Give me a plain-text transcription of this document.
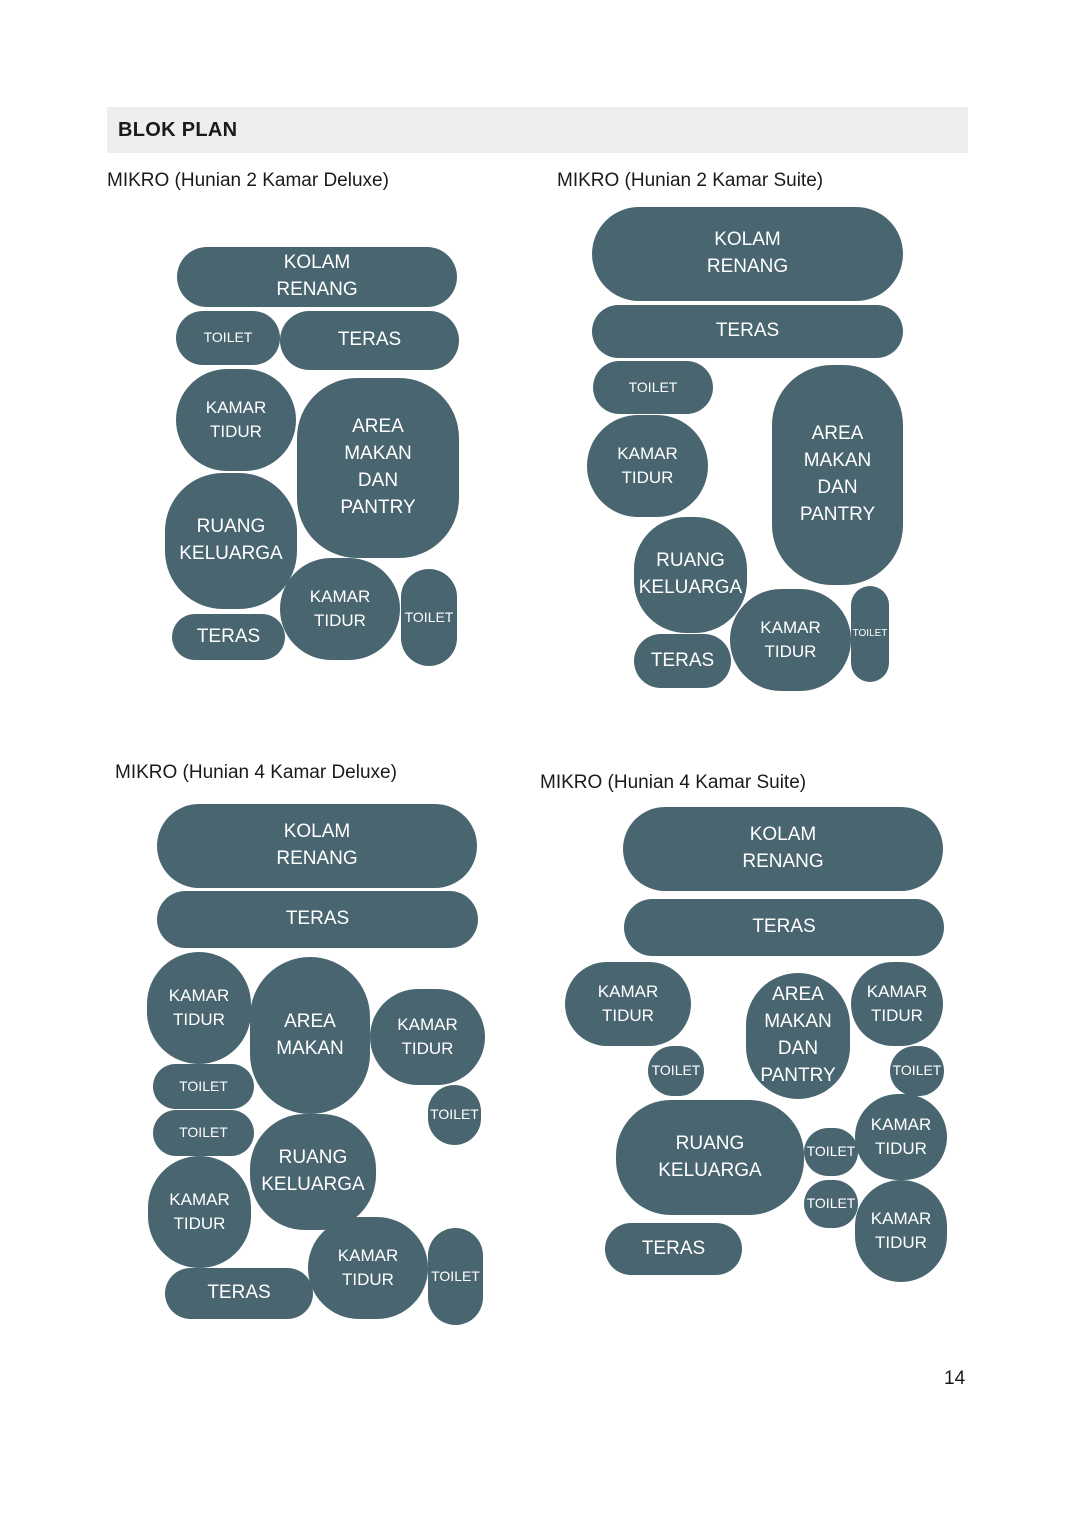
BLOK PLAN
MIKRO (Hunian 2 Kamar Deluxe)
KOLAM
RENANG
TOILET	TERAS
KAMAR
TIDUR	AREA
MAKAN
DAN
PANTRY
RUANG
KELUARGA
KAMAR
TIDUR	TOILET
TERAS
MIKRO (Hunian 2 Kamar Suite)
KOLAM
RENANG
TERAS
TOILET
KAMAR
TIDUR
AREA
MAKAN
DAN
PANTRY
RUANG
KELUARGA
KAMAR
TIDUR
TOILET
TERAS
MIKRO (Hunian 4 Kamar Deluxe)
KOLAM
RENANG
TERAS
KAMAR
TIDUR	AREA
MAKAN
KAMAR
TIDUR
TOILET
TOILET
TOILET
RUANG
KELUARGA
KAMAR
TIDUR
KAMAR
TIDUR	TOILET
TERAS
MIKRO (Hunian 4 Kamar Suite)
KOLAM
RENANG
TERAS
KAMAR
TIDUR
AREA
MAKAN
DAN
PANTRY
KAMAR
TIDUR
TOILET	TOILET
RUANG
KELUARGA
TOILET
KAMAR
TIDUR
TOILET
KAMAR
TIDUR
TERAS
14
